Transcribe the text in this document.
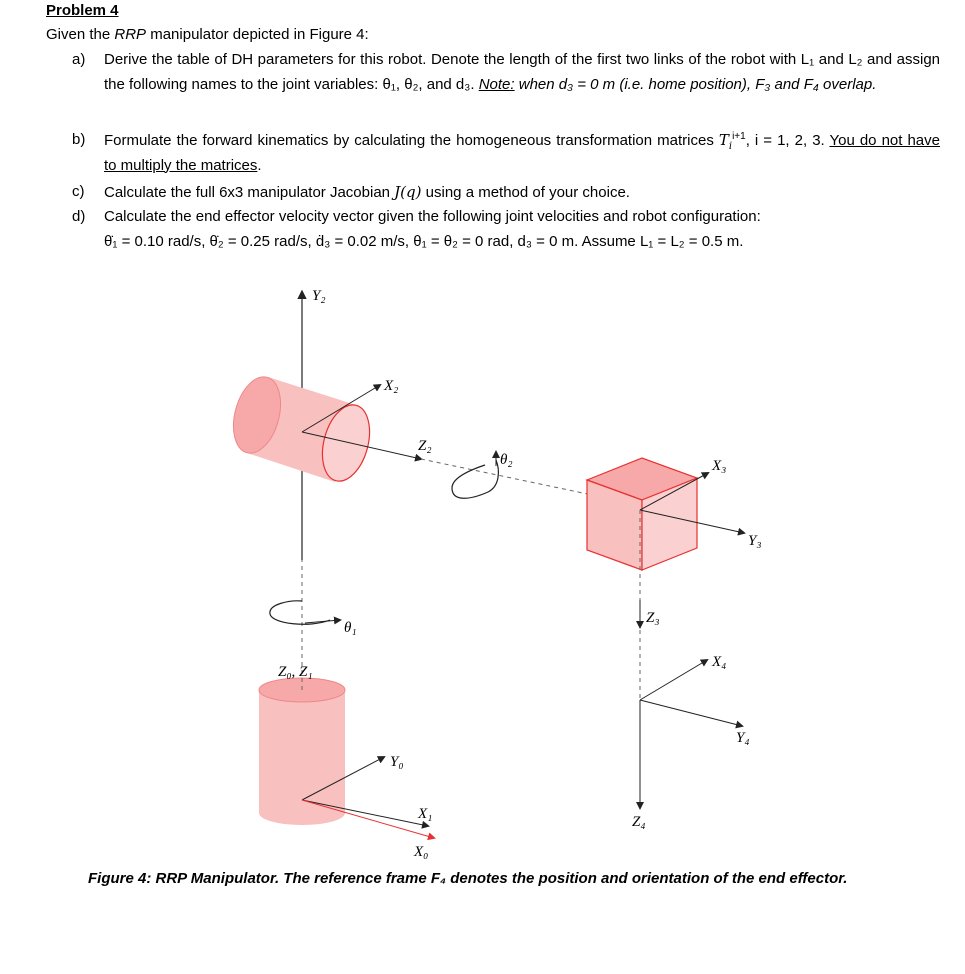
Problem 4
Given the RRP manipulator depicted in Figure 4:
a) Derive the table of DH parameters for this robot. Denote the length of the first two links of the robot with L₁ and L₂ and assign the following names to the joint variables: θ₁, θ₂, and d₃. Note: when d₃ = 0 m (i.e. home position), F₃ and F₄ overlap.
b) Formulate the forward kinematics by calculating the homogeneous transformation matrices $T_i^{i+1}$, i = 1, 2, 3. You do not have to multiply the matrices.
c) Calculate the full 6x3 manipulator Jacobian J(q) using a method of your choice.
d) Calculate the end effector velocity vector given the following joint velocities and robot configuration:
θ̇₁ = 0.10 rad/s, θ̇₂ = 0.25 rad/s, ḋ₃ = 0.02 m/s, θ₁ = θ₂ = 0 rad, d₃ = 0 m. Assume L₁ = L₂ = 0.5 m.
Y₂
X₂
Z₂
θ₂	X₃
Y₃
Z₃
θ₁
Z₀, Z₁
X₄
Y₄
Y₀
X₁	Z₄
X₀
Figure 4: RRP Manipulator. The reference frame F₄ denotes the position and orientation of the end effector.
